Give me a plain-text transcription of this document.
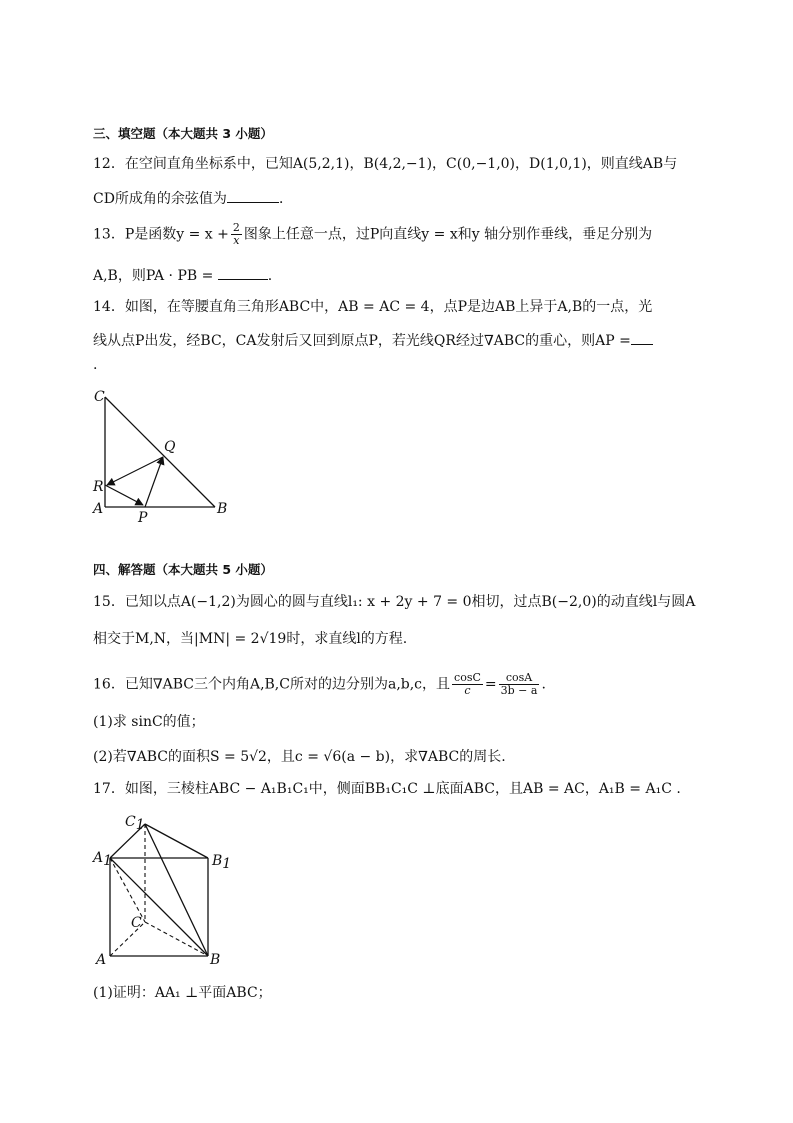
三、填空题（本大题共 3 小题）
12．在空间直角坐标系中，已知A(5,2,1)，B(4,2,−1)，C(0,−1,0)，D(1,0,1)，则直线AB与
CD所成角的余弦值为	．
13．P是函数$y = x + \frac{2}{x}$ 图象上任意一点，过P向直线y = x和y 轴分别作垂线，垂足分别为
A,B，则PA · PB =	.
14．如图，在等腰直角三角形ABC中，AB = AC = 4，点P是边AB上异于A,B的一点，光
线从点P出发，经BC，CA发射后又回到原点P，若光线QR经过∇ABC的重心，则AP =
.
C
Q
R
A
P
B
四、解答题（本大题共 5 小题）
15．已知以点A(−1,2)为圆心的圆与直线l₁: x + 2y + 7 = 0相切，过点B(−2,0)的动直线l与圆A
相交于M,N，当|MN| = 2√19时，求直线l的方程.
16．已知∇ABC三个内角A,B,C所对的边分别为a,b,c，且 $\frac{\cos C}{c} = \frac{\cos A}{3b - a}$ .
(1)求 sinC的值；
(2)若∇ABC的面积S = 5√2，且c = √6(a − b)，求∇ABC的周长.
17．如图，三棱柱ABC − A₁B₁C₁中，侧面BB₁C₁C ⊥底面ABC，且AB = AC，A₁B = A₁C .
C1
A1	B1
C
A	B
(1)证明：AA₁ ⊥平面ABC；
